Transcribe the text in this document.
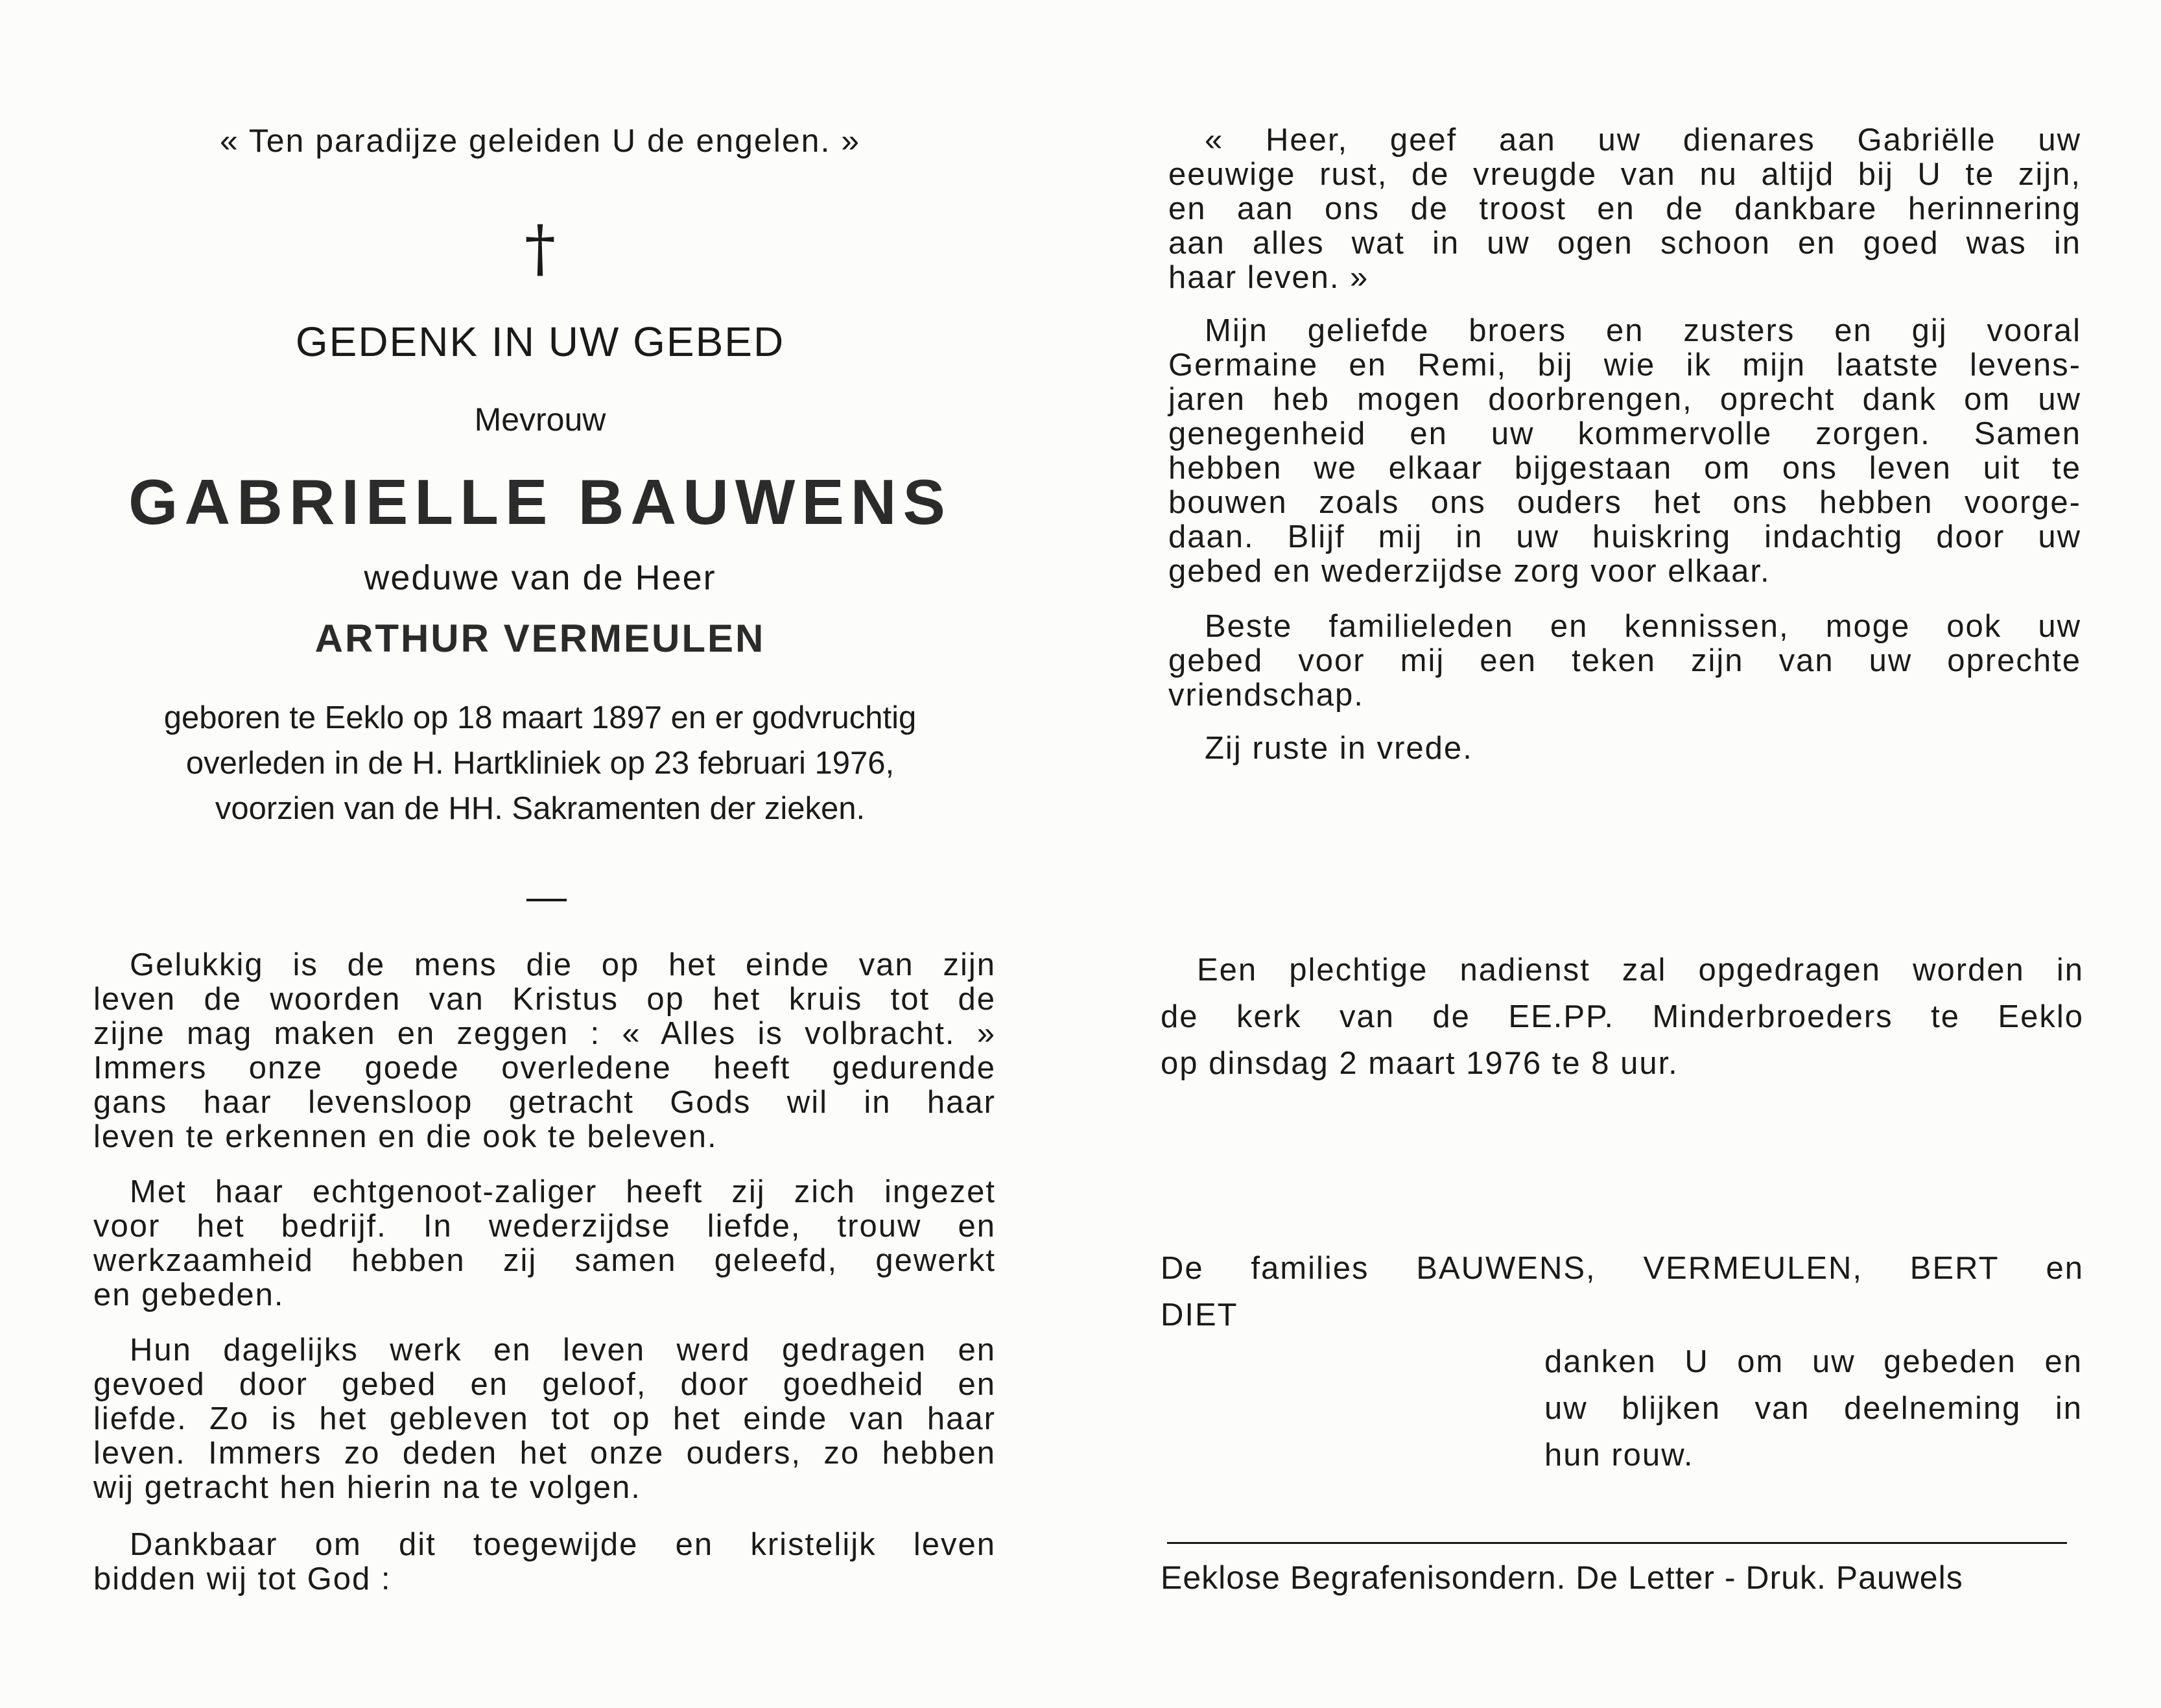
« Ten paradijze geleiden U de engelen. »
†
GEDENK IN UW GEBED
Mevrouw
GABRIELLE BAUWENS
weduwe van de Heer
ARTHUR VERMEULEN
geboren te Eeklo op 18 maart 1897 en er godvruchtig
overleden in de H. Hartkliniek op 23 februari 1976,
voorzien van de HH. Sakramenten der zieken.
Gelukkig is de mens die op het einde van zijn
leven de woorden van Kristus op het kruis tot de
zijne mag maken en zeggen : « Alles is volbracht. »
Immers onze goede overledene heeft gedurende
gans haar levensloop getracht Gods wil in haar
leven te erkennen en die ook te beleven.
Met haar echtgenoot-zaliger heeft zij zich ingezet
voor het bedrijf. In wederzijdse liefde, trouw en
werkzaamheid hebben zij samen geleefd, gewerkt
en gebeden.
Hun dagelijks werk en leven werd gedragen en
gevoed door gebed en geloof, door goedheid en
liefde. Zo is het gebleven tot op het einde van haar
leven. Immers zo deden het onze ouders, zo hebben
wij getracht hen hierin na te volgen.
Dankbaar om dit toegewijde en kristelijk leven
bidden wij tot God :
« Heer, geef aan uw dienares Gabriëlle uw
eeuwige rust, de vreugde van nu altijd bij U te zijn,
en aan ons de troost en de dankbare herinnering
aan alles wat in uw ogen schoon en goed was in
haar leven. »
Mijn geliefde broers en zusters en gij vooral
Germaine en Remi, bij wie ik mijn laatste levens-
jaren heb mogen doorbrengen, oprecht dank om uw
genegenheid en uw kommervolle zorgen. Samen
hebben we elkaar bijgestaan om ons leven uit te
bouwen zoals ons ouders het ons hebben voorge-
daan. Blijf mij in uw huiskring indachtig door uw
gebed en wederzijdse zorg voor elkaar.
Beste familieleden en kennissen, moge ook uw
gebed voor mij een teken zijn van uw oprechte
vriendschap.
Zij ruste in vrede.
Een plechtige nadienst zal opgedragen worden in
de kerk van de EE.PP. Minderbroeders te Eeklo
op dinsdag 2 maart 1976 te 8 uur.
De families BAUWENS, VERMEULEN, BERT en
DIET
danken U om uw gebeden en
uw blijken van deelneming in
hun rouw.
Eeklose Begrafenisondern. De Letter - Druk. Pauwels
